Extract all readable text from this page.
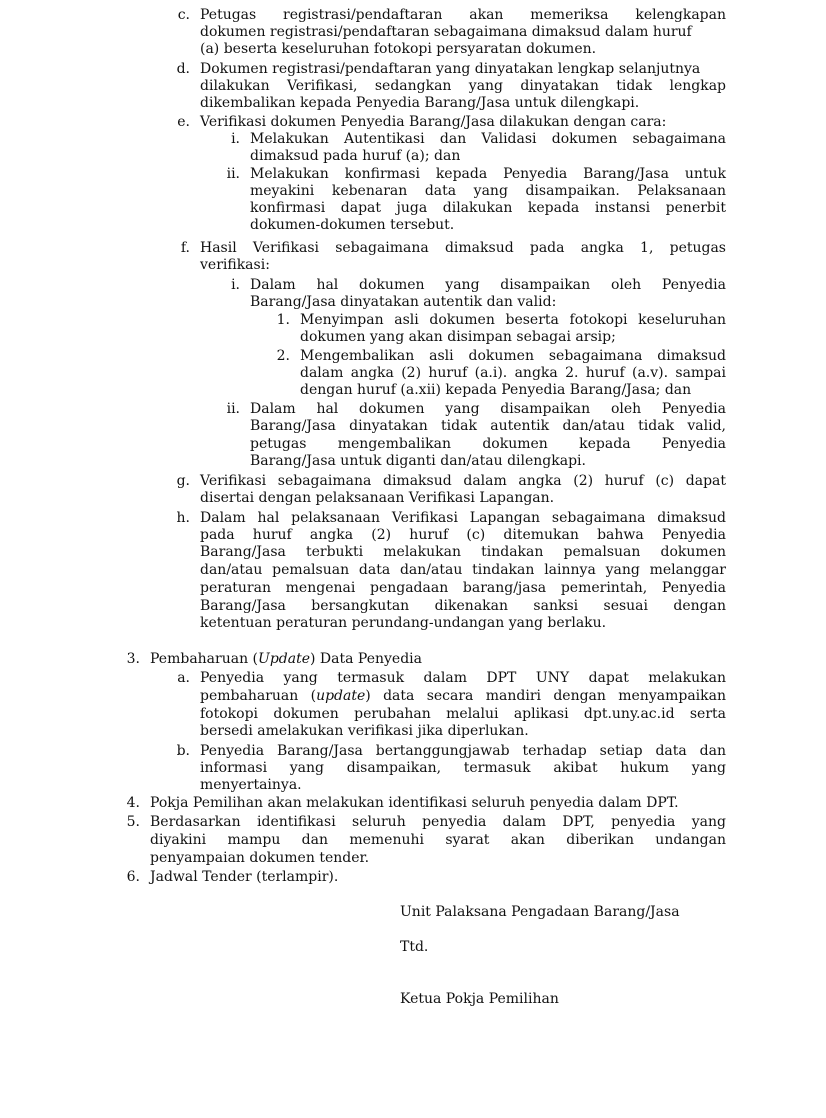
c. Petugas registrasi/pendaftaran akan memeriksa kelengkapan
dokumen registrasi/pendaftaran sebagaimana dimaksud dalam huruf
(a) beserta keseluruhan fotokopi persyaratan dokumen.
d. Dokumen registrasi/pendaftaran yang dinyatakan lengkap selanjutnya
dilakukan Verifikasi, sedangkan yang dinyatakan tidak lengkap
dikembalikan kepada Penyedia Barang/Jasa untuk dilengkapi.
e. Verifikasi dokumen Penyedia Barang/Jasa dilakukan dengan cara:
i. Melakukan Autentikasi dan Validasi dokumen sebagaimana
dimaksud pada huruf (a); dan
ii. Melakukan konfirmasi kepada Penyedia Barang/Jasa untuk
meyakini kebenaran data yang disampaikan. Pelaksanaan
konfirmasi dapat juga dilakukan kepada instansi penerbit
dokumen-dokumen tersebut.
f. Hasil Verifikasi sebagaimana dimaksud pada angka 1, petugas
verifikasi:
i. Dalam hal dokumen yang disampaikan oleh Penyedia
Barang/Jasa dinyatakan autentik dan valid:
1. Menyimpan asli dokumen beserta fotokopi keseluruhan
dokumen yang akan disimpan sebagai arsip;
2. Mengembalikan asli dokumen sebagaimana dimaksud
dalam angka (2) huruf (a.i). angka 2. huruf (a.v). sampai
dengan huruf (a.xii) kepada Penyedia Barang/Jasa; dan
ii. Dalam hal dokumen yang disampaikan oleh Penyedia
Barang/Jasa dinyatakan tidak autentik dan/atau tidak valid,
petugas mengembalikan dokumen kepada Penyedia
Barang/Jasa untuk diganti dan/atau dilengkapi.
g. Verifikasi sebagaimana dimaksud dalam angka (2) huruf (c) dapat
disertai dengan pelaksanaan Verifikasi Lapangan.
h. Dalam hal pelaksanaan Verifikasi Lapangan sebagaimana dimaksud
pada huruf angka (2) huruf (c) ditemukan bahwa Penyedia
Barang/Jasa terbukti melakukan tindakan pemalsuan dokumen
dan/atau pemalsuan data dan/atau tindakan lainnya yang melanggar
peraturan mengenai pengadaan barang/jasa pemerintah, Penyedia
Barang/Jasa bersangkutan dikenakan sanksi sesuai dengan
ketentuan peraturan perundang-undangan yang berlaku.
3. Pembaharuan (Update) Data Penyedia
a. Penyedia yang termasuk dalam DPT UNY dapat melakukan
pembaharuan (update) data secara mandiri dengan menyampaikan
fotokopi dokumen perubahan melalui aplikasi dpt.uny.ac.id serta
bersedi amelakukan verifikasi jika diperlukan.
b. Penyedia Barang/Jasa bertanggungjawab terhadap setiap data dan
informasi yang disampaikan, termasuk akibat hukum yang
menyertainya.
4. Pokja Pemilihan akan melakukan identifikasi seluruh penyedia dalam DPT.
5. Berdasarkan identifikasi seluruh penyedia dalam DPT, penyedia yang
diyakini mampu dan memenuhi syarat akan diberikan undangan
penyampaian dokumen tender.
6. Jadwal Tender (terlampir).
Unit Palaksana Pengadaan Barang/Jasa
Ttd.
Ketua Pokja Pemilihan
